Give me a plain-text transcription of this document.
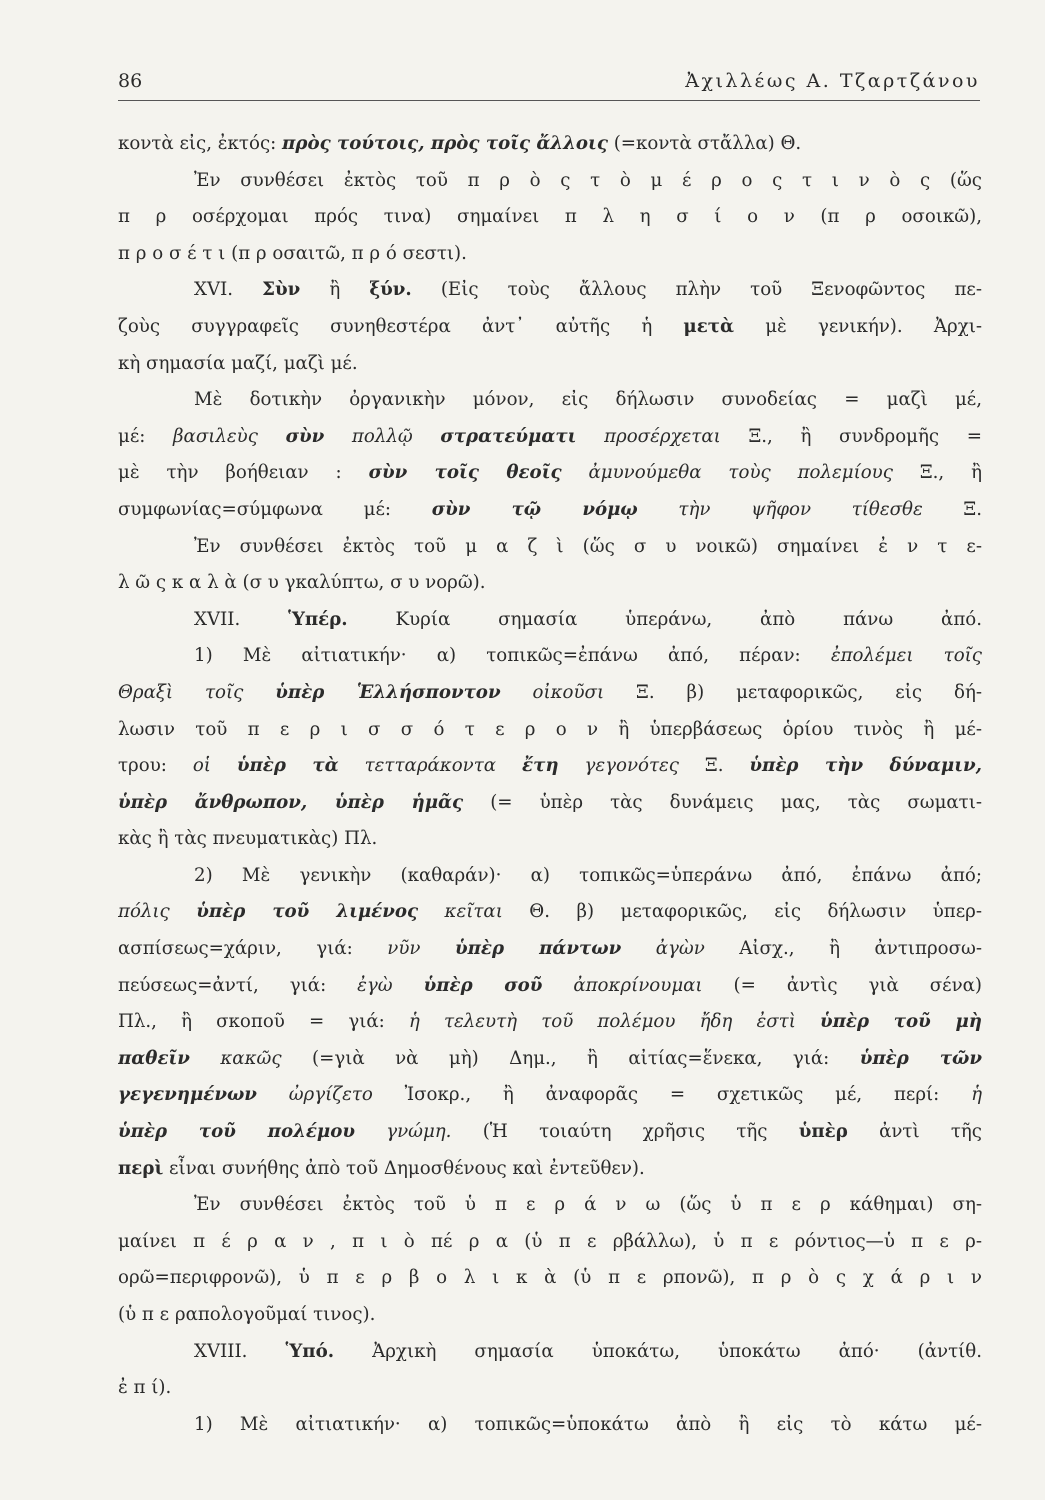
86	Ἀχιλλέως Α. Τζαρτζάνου
κοντὰ εἰς, ἐκτός: πρὸς τούτοις, πρὸς τοῖς ἄλλοις (=κοντὰ στἄλλα) Θ.
Ἐν συνθέσει ἐκτὸς τοῦ π ρ ὸ ς τ ὸ μ έ ρ ο ς τ ι ν ὸ ς (ὥς
π ρ οσέρχομαι πρός τινα) σημαίνει π λ η σ ί ο ν (π ρ οσοικῶ),
π ρ ο σ έ τ ι (π ρ οσαιτῶ, π ρ ό σεστι).
XVI. Σὺν ἢ ξύν. (Εἰς τοὺς ἄλλους πλὴν τοῦ Ξενοφῶντος πε-
ζοὺς συγγραφεῖς συνηθεστέρα ἀντ᾽ αὐτῆς ἡ μετὰ μὲ γενικήν). Ἀρχι-
κὴ σημασία μαζί, μαζὶ μέ.
Μὲ δοτικὴν ὀργανικὴν μόνον, εἰς δήλωσιν συνοδείας = μαζὶ μέ,
μέ: βασιλεὺς σὺν πολλῷ στρατεύματι προσέρχεται Ξ., ἢ συνδρομῆς =
μὲ τὴν βοήθειαν : σὺν τοῖς θεοῖς ἀμυνούμεθα τοὺς πολεμίους Ξ., ἢ
συμφωνίας=σύμφωνα μέ: σὺν τῷ νόμῳ τὴν ψῆφον τίθεσθε Ξ.
Ἐν συνθέσει ἐκτὸς τοῦ μ α ζ ὶ (ὥς σ υ νοικῶ) σημαίνει ἐ ν τ ε-
λ ῶ ς κ α λ ὰ (σ υ γκαλύπτω, σ υ νορῶ).
XVII. Ὑπέρ. Κυρία σημασία ὑπεράνω, ἀπὸ πάνω ἀπό.
1) Μὲ αἰτιατικήν· α) τοπικῶς=ἐπάνω ἀπό, πέραν: ἐπολέμει τοῖς
Θραξὶ τοῖς ὑπὲρ Ἑλλήσποντον οἰκοῦσι Ξ. β) μεταφορικῶς, εἰς δή-
λωσιν τοῦ π ε ρ ι σ σ ό τ ε ρ ο ν ἢ ὑπερβάσεως ὁρίου τινὸς ἢ μέ-
τρου: οἱ ὑπὲρ τὰ τετταράκοντα ἔτη γεγονότες Ξ. ὑπὲρ τὴν δύναμιν,
ὑπὲρ ἄνθρωπον, ὑπὲρ ἡμᾶς (= ὑπὲρ τὰς δυνάμεις μας, τὰς σωματι-
κὰς ἢ τὰς πνευματικὰς) Πλ.
2) Μὲ γενικὴν (καθαράν)· α) τοπικῶς=ὑπεράνω ἀπό, ἐπάνω ἀπό;
πόλις ὑπὲρ τοῦ λιμένος κεῖται Θ. β) μεταφορικῶς, εἰς δήλωσιν ὑπερ-
ασπίσεως=χάριν, γιά: νῦν ὑπὲρ πάντων ἀγὼν Αἰσχ., ἢ ἀντιπροσω-
πεύσεως=ἀντί, γιά: ἐγὼ ὑπὲρ σοῦ ἀποκρίνουμαι (= ἀντὶς γιὰ σένα)
Πλ., ἢ σκοποῦ = γιά: ἡ τελευτὴ τοῦ πολέμου ἤδη ἐστὶ ὑπὲρ τοῦ μὴ
παθεῖν κακῶς (=γιὰ νὰ μὴ) Δημ., ἢ αἰτίας=ἕνεκα, γιά: ὑπὲρ τῶν
γεγενημένων ὠργίζετο Ἰσοκρ., ἢ ἀναφορᾶς = σχετικῶς μέ, περί: ἡ
ὑπὲρ τοῦ πολέμου γνώμη. (Ἡ τοιαύτη χρῆσις τῆς ὑπὲρ ἀντὶ τῆς
περὶ εἶναι συνήθης ἀπὸ τοῦ Δημοσθένους καὶ ἐντεῦθεν).
Ἐν συνθέσει ἐκτὸς τοῦ ὑ π ε ρ ά ν ω (ὥς ὑ π ε ρ κάθημαι) ση-
μαίνει π έ ρ α ν , π ι ὸ πέ ρ α (ὑ π ε ρβάλλω), ὑ π ε ρόντιος—ὑ π ε ρ-
ορῶ=περιφρονῶ), ὑ π ε ρ β ο λ ι κ ὰ (ὑ π ε ρπονῶ), π ρ ὸ ς χ ά ρ ι ν
(ὑ π ε ραπολογοῦμαί τινος).
XVIII. Ὑπό. Ἀρχικὴ σημασία ὑποκάτω, ὑποκάτω ἀπό· (ἀντίθ.
ἐ π ί).
1) Μὲ αἰτιατικήν· α) τοπικῶς=ὑποκάτω ἀπὸ ἢ εἰς τὸ κάτω μέ-
